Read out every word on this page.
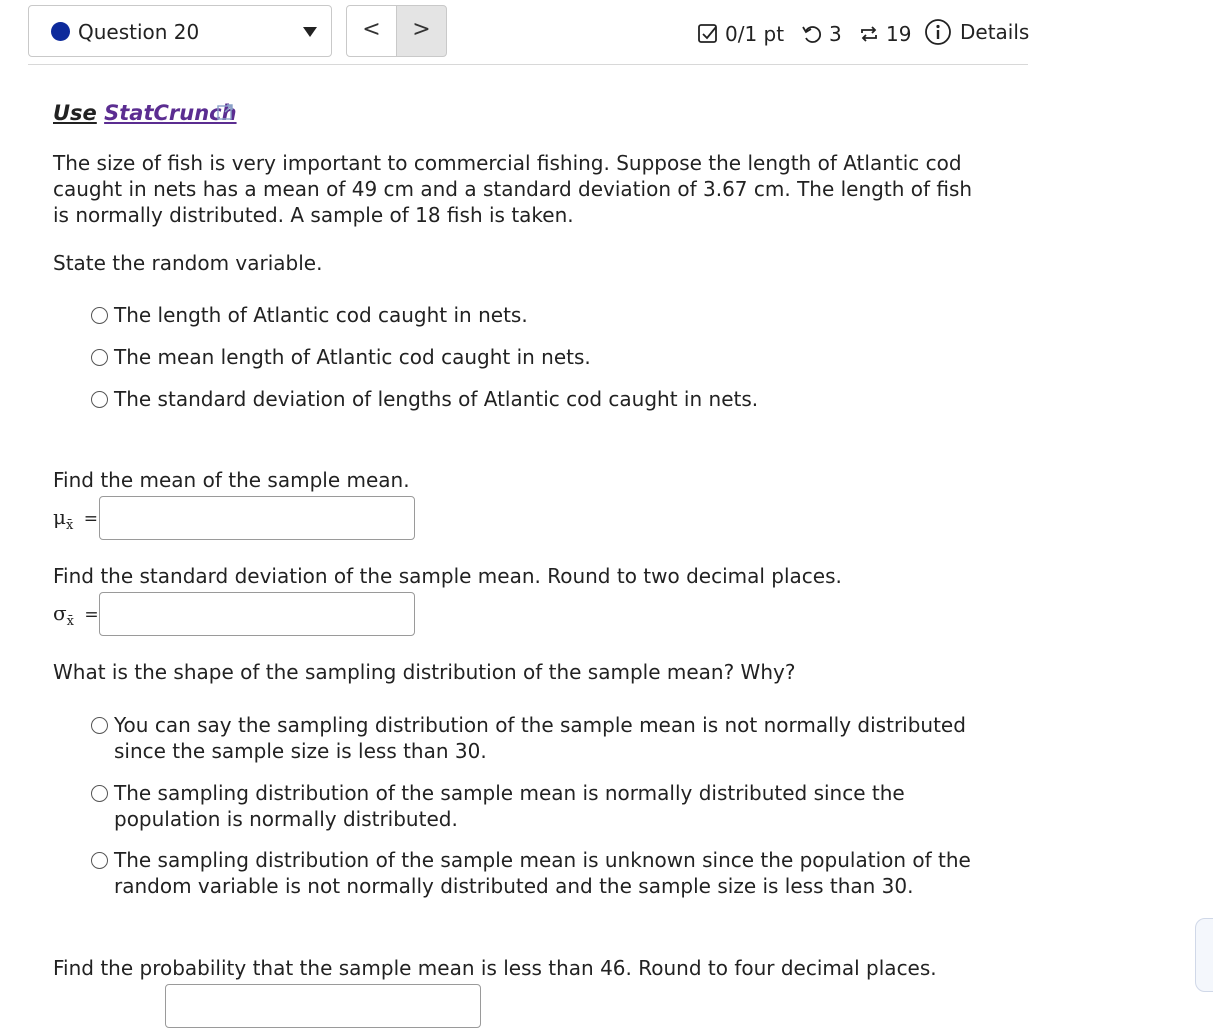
Question 20	<	>	0/1 pt 3 19 Details
Use StatCrunch
The size of fish is very important to commercial fishing. Suppose the length of Atlantic cod caught in nets has a mean of 49 cm and a standard deviation of 3.67 cm. The length of fish is normally distributed. A sample of 18 fish is taken.
State the random variable.
The length of Atlantic cod caught in nets.
The mean length of Atlantic cod caught in nets.
The standard deviation of lengths of Atlantic cod caught in nets.
Find the mean of the sample mean.
$\mu_{x̄}$ =
Find the standard deviation of the sample mean. Round to two decimal places.
$\sigma_{x̄}$ =
What is the shape of the sampling distribution of the sample mean? Why?
You can say the sampling distribution of the sample mean is not normally distributed
since the sample size is less than 30.
The sampling distribution of the sample mean is normally distributed since the
population is normally distributed.
The sampling distribution of the sample mean is unknown since the population of the
random variable is not normally distributed and the sample size is less than 30.
Find the probability that the sample mean is less than 46. Round to four decimal places.
